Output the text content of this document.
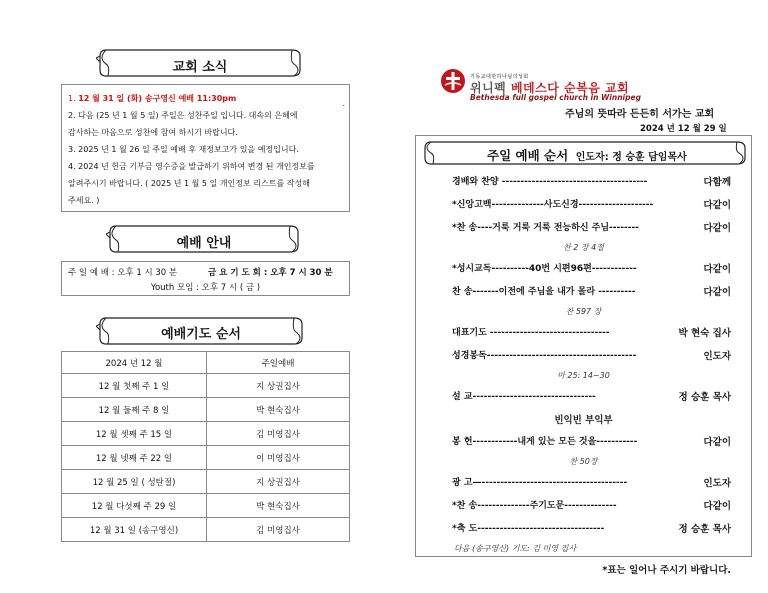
교회 소식
1. 12 월 31 일 (화) 송구영신 예배 11:30pm
2. 다음 (25 년 1 월 5 일) 주일은 성찬주일 입니다. 대속의 은혜에
감사하는 마음으로 성찬에 참여 하시기 바랍니다.
3. 2025 년 1 월 26 일 주일 예배 후 재정보고가 있을 예정입니다.
4. 2024 년 헌금 기부금 영수증을 발급하기 위하여 변경 된 개인정보를
알려주시기 바랍니다. ( 2025 년 1 월 5 일 개인정보 리스트를 작성해
주세요. )
.
예배 안내
주 일 예 배 : 오후 1 시 30 분	금 요 기 도 회 : 오후 7 시 30 분
Youth 모임 : 오후 7 시 ( 금 )
예배기도 순서
2024 년 12 월	주일예배
12 월 첫째 주 1 일	지 상권집사
12 월 둘째 주 8 일	박 현숙집사
12 월 셋째 주 15 일	김 미영집사
12 월 넷째 주 22 일	이 미영집사
12 월 25 일 ( 성탄절)	지 상권집사
12 월 다섯째 주 29 일	박 현숙집사
12 월 31 일 (송구영신)	김 미영집사
기독교대한하나님의성회
위니펙 베데스다 순복음 교회
Bethesda full gospel church in Winnipeg
주님의 뜻따라 든든히 서가는 교회
2024 년 12 월 29 일
주일 예배 순서 인도자: 정 승훈 담임목사
경배와 찬양 ---------------------------------------	다함께
*신앙고백--------------사도신경--------------------	다같이
*찬 송----거룩 거룩 거룩 전능하신 주님--------	다같이
찬 2 장 4절
*성시교독----------40번 시편96편------------	다같이
찬 송-------이전에 주님을 내가 몰라 ----------	다같이
찬 597 장
대표기도 --------------------------------	박 현숙 집사
성경봉독----------------------------------------	인도자
마 25: 14~30
설 교---------------------------------	정 승훈 목사
빈익빈 부익부
봉 헌------------내게 있는 모든 것을-----------	다같이
찬 50장
광 고—---------------------------------------	인도자
*찬 송--------------주기도문--------------	다같이
*축 도----------------------------------	정 승훈 목사
다음 (송구영신) 기도: 김 미영 집사
*표는 일어나 주시기 바랍니다.
